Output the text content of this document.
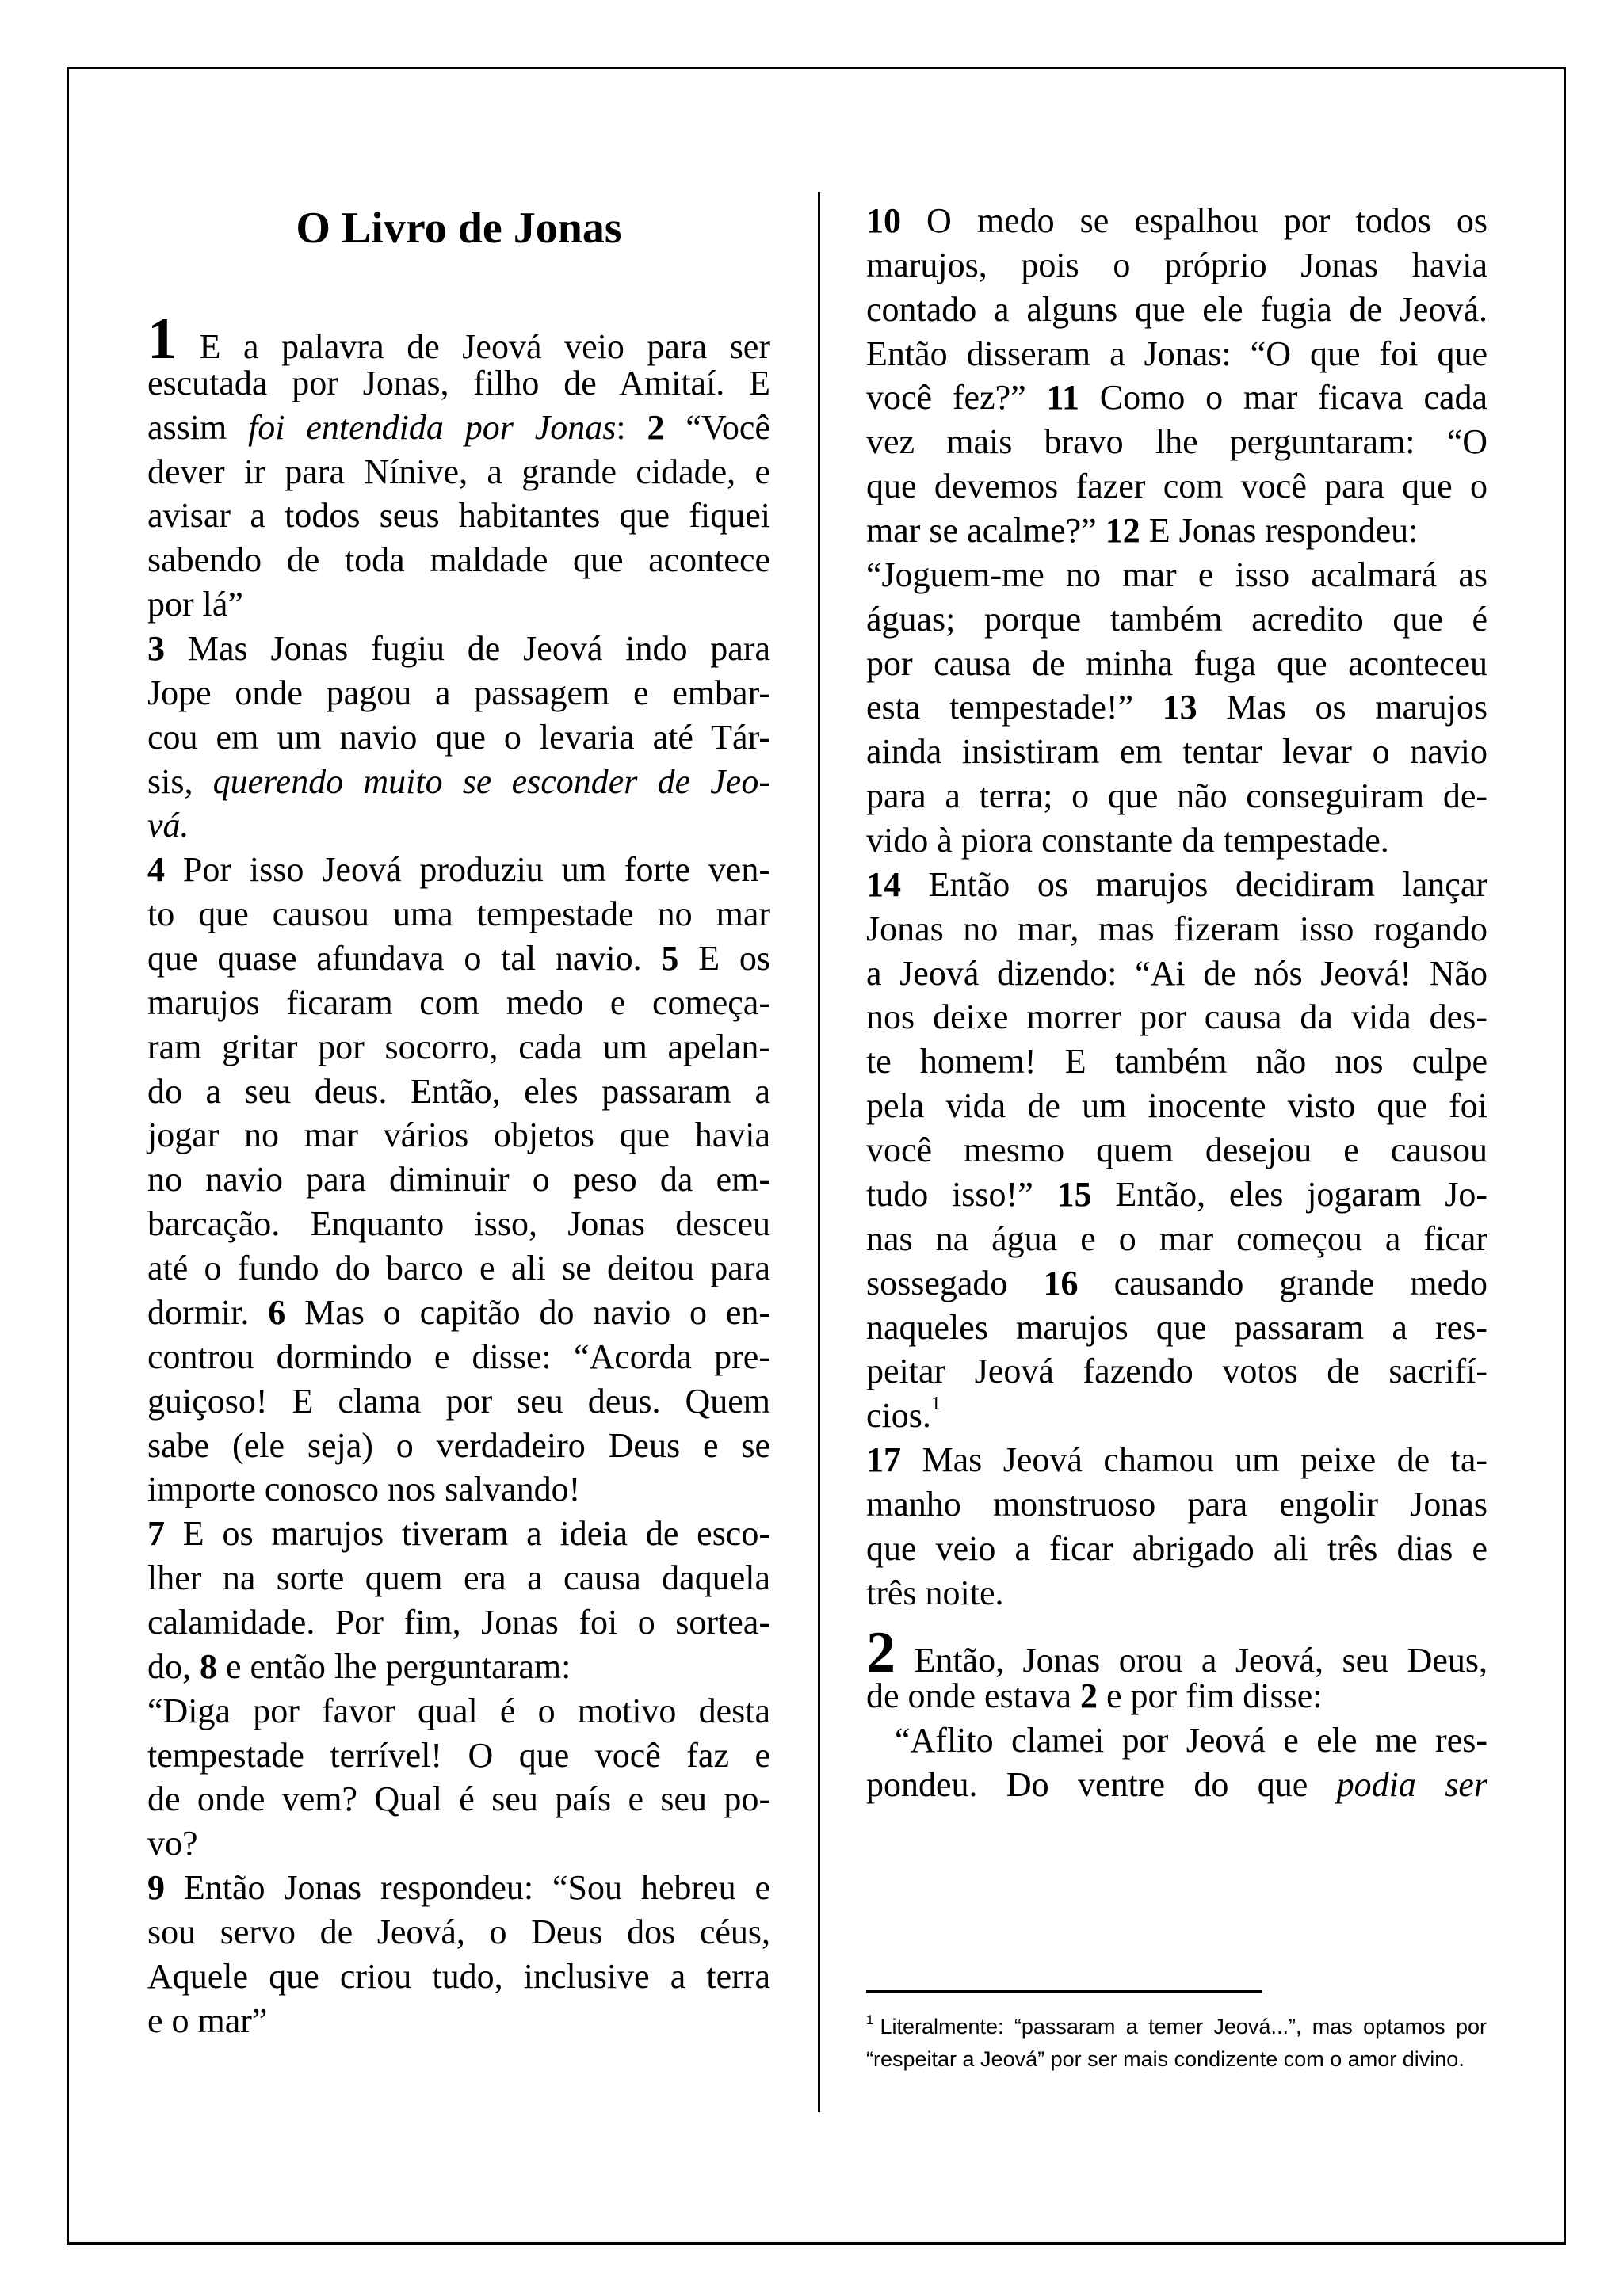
O Livro de Jonas
1 E a palavra de Jeová veio para ser
escutada por Jonas, filho de Amitaí. E
assim foi entendida por Jonas: 2 “Você
dever ir para Nínive, a grande cidade, e
avisar a todos seus habitantes que fiquei
sabendo de toda maldade que acontece
por lá”
3 Mas Jonas fugiu de Jeová indo para
Jope onde pagou a passagem e embar-
cou em um navio que o levaria até Tár-
sis, querendo muito se esconder de Jeo-
vá.
4 Por isso Jeová produziu um forte ven-
to que causou uma tempestade no mar
que quase afundava o tal navio. 5 E os
marujos ficaram com medo e começa-
ram gritar por socorro, cada um apelan-
do a seu deus. Então, eles passaram a
jogar no mar vários objetos que havia
no navio para diminuir o peso da em-
barcação. Enquanto isso, Jonas desceu
até o fundo do barco e ali se deitou para
dormir. 6 Mas o capitão do navio o en-
controu dormindo e disse: “Acorda pre-
guiçoso! E clama por seu deus. Quem
sabe (ele seja) o verdadeiro Deus e se
importe conosco nos salvando!
7 E os marujos tiveram a ideia de esco-
lher na sorte quem era a causa daquela
calamidade. Por fim, Jonas foi o sortea-
do, 8 e então lhe perguntaram:
“Diga por favor qual é o motivo desta
tempestade terrível! O que você faz e
de onde vem? Qual é seu país e seu po-
vo?
9 Então Jonas respondeu: “Sou hebreu e
sou servo de Jeová, o Deus dos céus,
Aquele que criou tudo, inclusive a terra
e o mar”
10 O medo se espalhou por todos os
marujos, pois o próprio Jonas havia
contado a alguns que ele fugia de Jeová.
Então disseram a Jonas: “O que foi que
você fez?” 11 Como o mar ficava cada
vez mais bravo lhe perguntaram: “O
que devemos fazer com você para que o
mar se acalme?” 12 E Jonas respondeu:
“Joguem-me no mar e isso acalmará as
águas; porque também acredito que é
por causa de minha fuga que aconteceu
esta tempestade!” 13 Mas os marujos
ainda insistiram em tentar levar o navio
para a terra; o que não conseguiram de-
vido à piora constante da tempestade.
14 Então os marujos decidiram lançar
Jonas no mar, mas fizeram isso rogando
a Jeová dizendo: “Ai de nós Jeová! Não
nos deixe morrer por causa da vida des-
te homem! E também não nos culpe
pela vida de um inocente visto que foi
você mesmo quem desejou e causou
tudo isso!” 15 Então, eles jogaram Jo-
nas na água e o mar começou a ficar
sossegado 16 causando grande medo
naqueles marujos que passaram a res-
peitar Jeová fazendo votos de sacrifí-
cios.$^1$
17 Mas Jeová chamou um peixe de ta-
manho monstruoso para engolir Jonas
que veio a ficar abrigado ali três dias e
três noite.
2 Então, Jonas orou a Jeová, seu Deus,
de onde estava 2 e por fim disse:
“Aflito clamei por Jeová e ele me res-
pondeu. Do ventre do que podia ser
$^1$ Literalmente: “passaram a temer Jeová...”, mas optamos por “respeitar a Jeová” por ser mais condizente com o amor divino.
